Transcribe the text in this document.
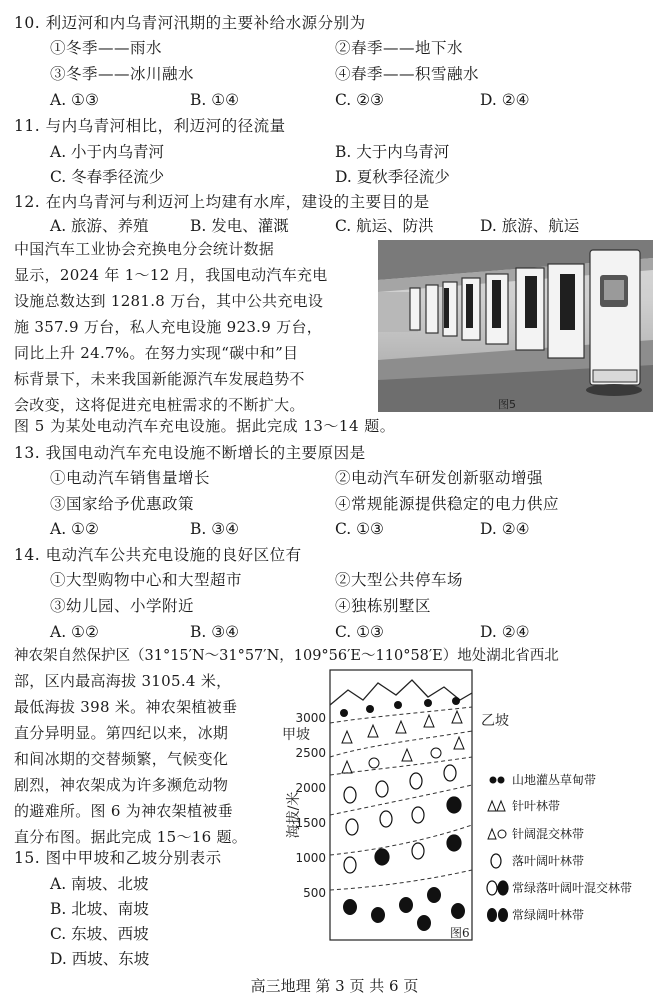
10. 利迈河和内乌青河汛期的主要补给水源分别为
①冬季——雨水	②春季——地下水
③冬季——冰川融水	④春季——积雪融水
A. ①③	B. ①④	C. ②③	D. ②④
11. 与内乌青河相比，利迈河的径流量
A. 小于内乌青河	B. 大于内乌青河
C. 冬春季径流少	D. 夏秋季径流少
12. 在内乌青河与利迈河上均建有水库，建设的主要目的是
A. 旅游、养殖	B. 发电、灌溉	C. 航运、防洪	D. 旅游、航运
中国汽车工业协会充换电分会统计数据
显示，2024 年 1～12 月，我国电动汽车充电
设施总数达到 1281.8 万台，其中公共充电设
施 357.9 万台，私人充电设施 923.9 万台，
同比上升 24.7%。在努力实现“碳中和”目
标背景下，未来我国新能源汽车发展趋势不
会改变，这将促进充电桩需求的不断扩大。
图 5 为某处电动汽车充电设施。据此完成 13～14 题。
图5
13. 我国电动汽车充电设施不断增长的主要原因是
①电动汽车销售量增长	②电动汽车研发创新驱动增强
③国家给予优惠政策	④常规能源提供稳定的电力供应
A. ①②	B. ③④	C. ①③	D. ②④
14. 电动汽车公共充电设施的良好区位有
①大型购物中心和大型超市	②大型公共停车场
③幼儿园、小学附近	④独栋别墅区
A. ①②	B. ③④	C. ①③	D. ②④
神农架自然保护区（31°15′N～31°57′N，109°56′E～110°58′E）地处湖北省西北
部，区内最高海拔 3105.4 米，
最低海拔 398 米。神农架植被垂
直分异明显。第四纪以来，冰期
和间冰期的交替频繁，气候变化
剧烈，神农架成为许多濒危动物
的避难所。图 6 为神农架植被垂
直分布图。据此完成 15～16 题。
15. 图中甲坡和乙坡分别表示
A. 南坡、北坡
B. 北坡、南坡
C. 东坡、西坡
D. 西坡、东坡
3000
2500
2000
1500
1000
500
甲坡
乙坡
海拔/米
图6
山地灌丛草甸带
针叶林带
针阔混交林带
落叶阔叶林带
常绿落叶阔叶混交林带
常绿阔叶林带
高三地理 第 3 页 共 6 页
